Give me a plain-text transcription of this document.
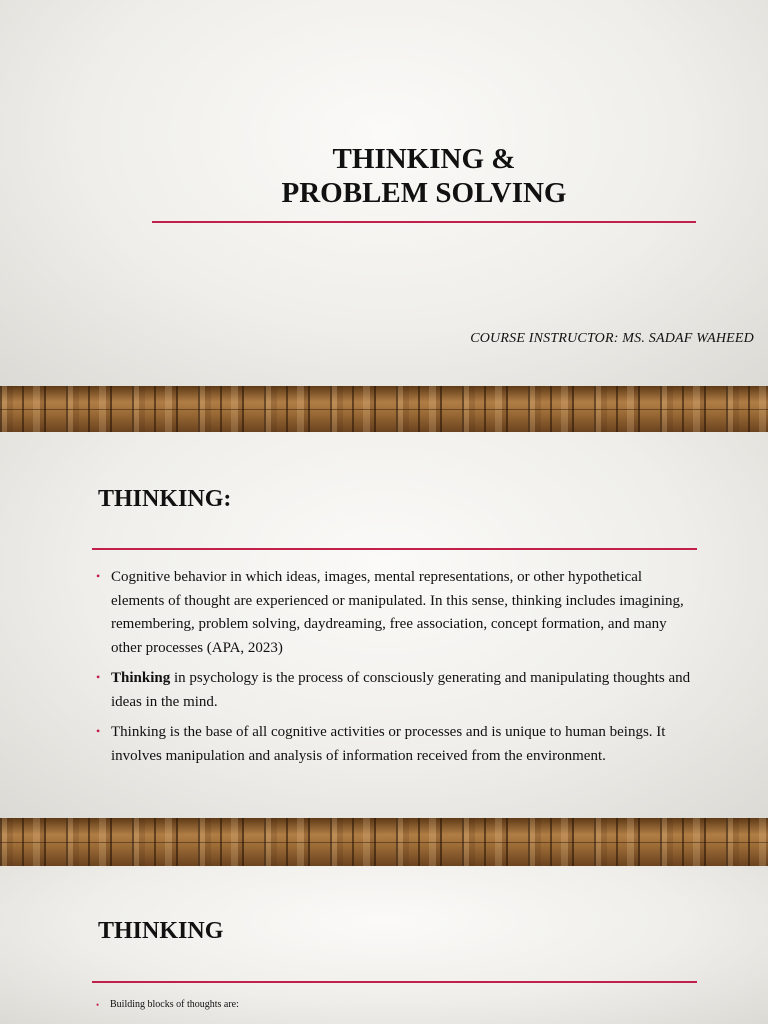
THINKING &
PROBLEM SOLVING
COURSE INSTRUCTOR: MS. SADAF WAHEED
THINKING:
• Cognitive behavior in which ideas, images, mental representations, or other hypothetical elements of thought are experienced or manipulated. In this sense, thinking includes imagining, remembering, problem solving, daydreaming, free association, concept formation, and many other processes (APA, 2023)
• Thinking in psychology is the process of consciously generating and manipulating thoughts and ideas in the mind.
• Thinking is the base of all cognitive activities or processes and is unique to human beings. It involves manipulation and analysis of information received from the environment.
THINKING
• Building blocks of thoughts are:
